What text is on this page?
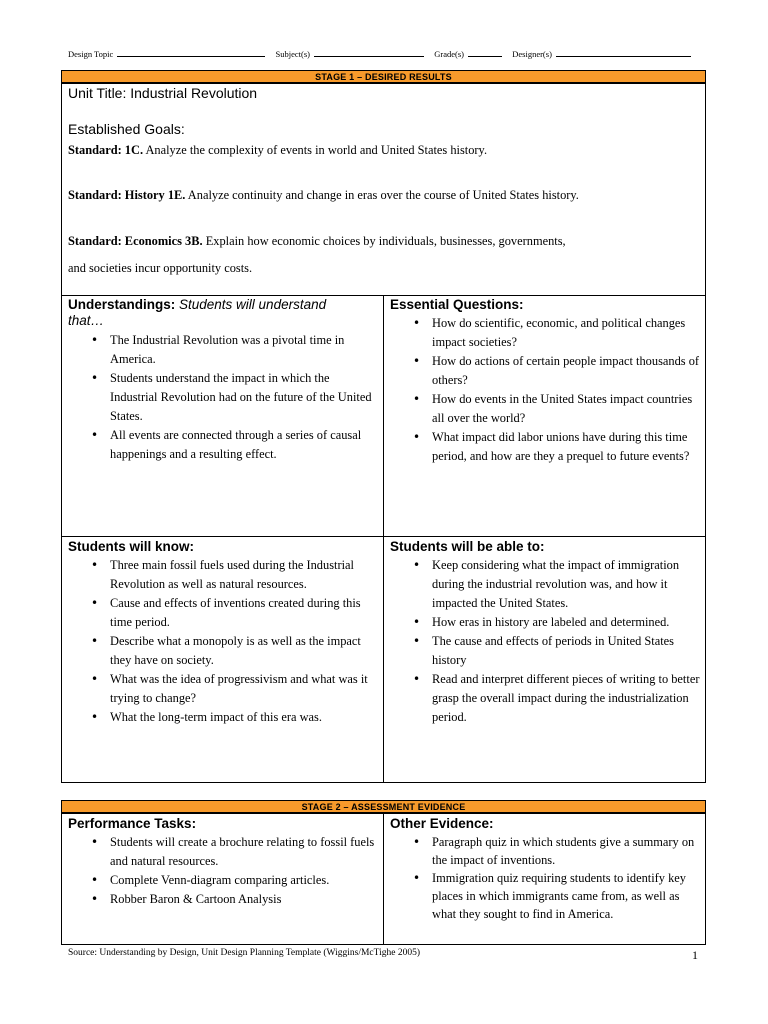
Design Topic	Subject(s)	Grade(s)	Designer(s)
STAGE 1 – DESIRED RESULTS
Unit Title: Industrial Revolution
Established Goals:
Standard: 1C. Analyze the complexity of events in world and United States history.
Standard: History 1E. Analyze continuity and change in eras over the course of United States history.
Standard: Economics 3B. Explain how economic choices by individuals, businesses, governments,
and societies incur opportunity costs.
Understandings: Students will understand
that…
• The Industrial Revolution was a pivotal time in America.
• Students understand the impact in which the Industrial Revolution had on the future of the United States.
• All events are connected through a series of causal happenings and a resulting effect.
Essential Questions:
• How do scientific, economic, and political changes impact societies?
• How do actions of certain people impact thousands of others?
• How do events in the United States impact countries all over the world?
• What impact did labor unions have during this time period, and how are they a prequel to future events?
Students will know:
• Three main fossil fuels used during the Industrial Revolution as well as natural resources.
• Cause and effects of inventions created during this time period.
• Describe what a monopoly is as well as the impact they have on society.
• What was the idea of progressivism and what was it trying to change?
• What the long-term impact of this era was.
Students will be able to:
• Keep considering what the impact of immigration during the industrial revolution was, and how it impacted the United States.
• How eras in history are labeled and determined.
• The cause and effects of periods in United States history
• Read and interpret different pieces of writing to better grasp the overall impact during the industrialization period.
STAGE 2 – ASSESSMENT EVIDENCE
Performance Tasks:
• Students will create a brochure relating to fossil fuels and natural resources.
• Complete Venn-diagram comparing articles.
• Robber Baron & Cartoon Analysis
Other Evidence:
• Paragraph quiz in which students give a summary on the impact of inventions.
• Immigration quiz requiring students to identify key places in which immigrants came from, as well as what they sought to find in America.
Source: Understanding by Design, Unit Design Planning Template (Wiggins/McTighe 2005)	1
